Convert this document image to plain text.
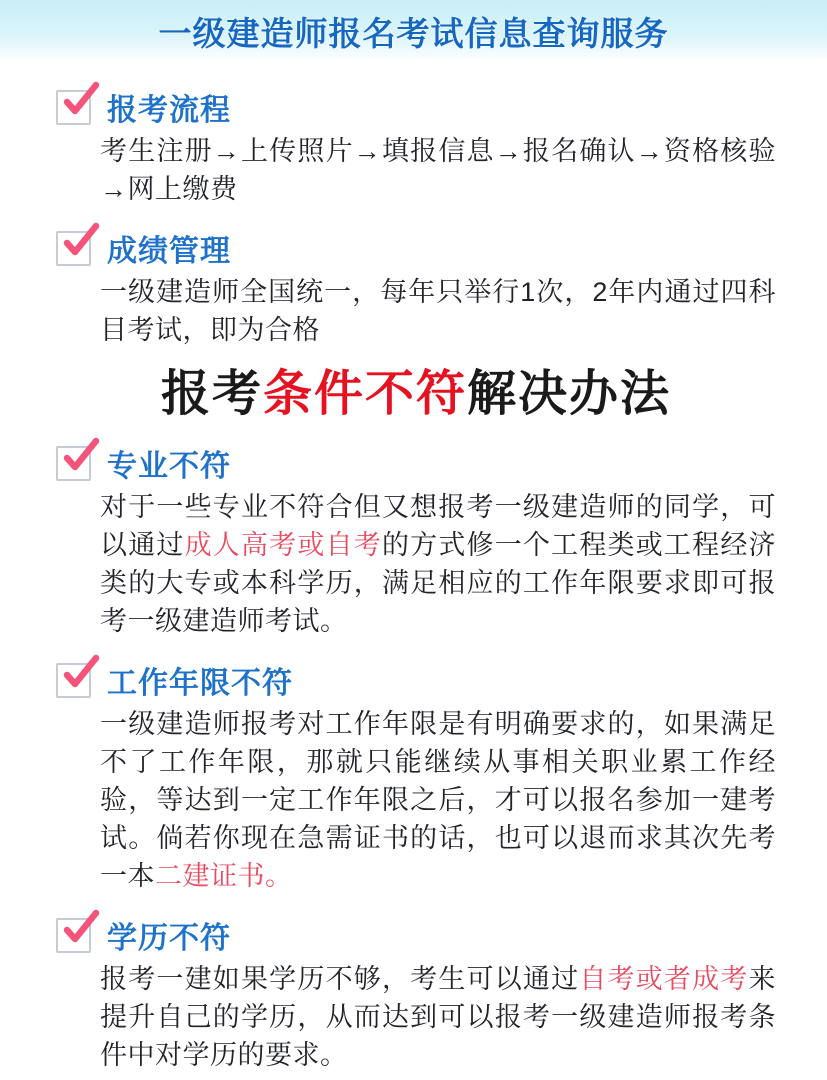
一级建造师报名考试信息查询服务
报考流程
考生注册→上传照片→填报信息→报名确认→资格核验→网上缴费
成绩管理
一级建造师全国统一，每年只举行1次，2年内通过四科目考试，即为合格
报考条件不符解决办法
专业不符
对于一些专业不符合但又想报考一级建造师的同学，可以通过成人高考或自考的方式修一个工程类或工程经济类的大专或本科学历，满足相应的工作年限要求即可报考一级建造师考试。
工作年限不符
一级建造师报考对工作年限是有明确要求的，如果满足不了工作年限，那就只能继续从事相关职业累工作经验，等达到一定工作年限之后，才可以报名参加一建考试。倘若你现在急需证书的话，也可以退而求其次先考一本二建证书。
学历不符
报考一建如果学历不够，考生可以通过自考或者成考来提升自己的学历，从而达到可以报考一级建造师报考条件中对学历的要求。
